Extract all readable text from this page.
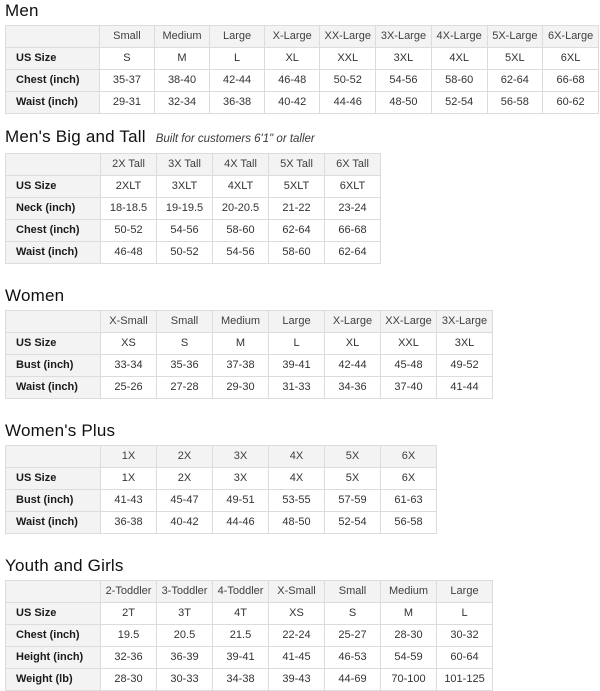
Men
	Small	Medium	Large	X-Large	XX-Large	3X-Large	4X-Large	5X-Large	6X-Large
US Size	S	M	L	XL	XXL	3XL	4XL	5XL	6XL
Chest (inch)	35-37	38-40	42-44	46-48	50-52	54-56	58-60	62-64	66-68
Waist (inch)	29-31	32-34	36-38	40-42	44-46	48-50	52-54	56-58	60-62
Men's Big and Tall Built for customers 6'1" or taller
	2X Tall	3X Tall	4X Tall	5X Tall	6X Tall
US Size	2XLT	3XLT	4XLT	5XLT	6XLT
Neck (inch)	18-18.5	19-19.5	20-20.5	21-22	23-24
Chest (inch)	50-52	54-56	58-60	62-64	66-68
Waist (inch)	46-48	50-52	54-56	58-60	62-64
Women
	X-Small	Small	Medium	Large	X-Large	XX-Large	3X-Large
US Size	XS	S	M	L	XL	XXL	3XL
Bust (inch)	33-34	35-36	37-38	39-41	42-44	45-48	49-52
Waist (inch)	25-26	27-28	29-30	31-33	34-36	37-40	41-44
Women's Plus
	1X	2X	3X	4X	5X	6X
US Size	1X	2X	3X	4X	5X	6X
Bust (inch)	41-43	45-47	49-51	53-55	57-59	61-63
Waist (inch)	36-38	40-42	44-46	48-50	52-54	56-58
Youth and Girls
	2-Toddler	3-Toddler	4-Toddler	X-Small	Small	Medium	Large
US Size	2T	3T	4T	XS	S	M	L
Chest (inch)	19.5	20.5	21.5	22-24	25-27	28-30	30-32
Height (inch)	32-36	36-39	39-41	41-45	46-53	54-59	60-64
Weight (lb)	28-30	30-33	34-38	39-43	44-69	70-100	101-125
